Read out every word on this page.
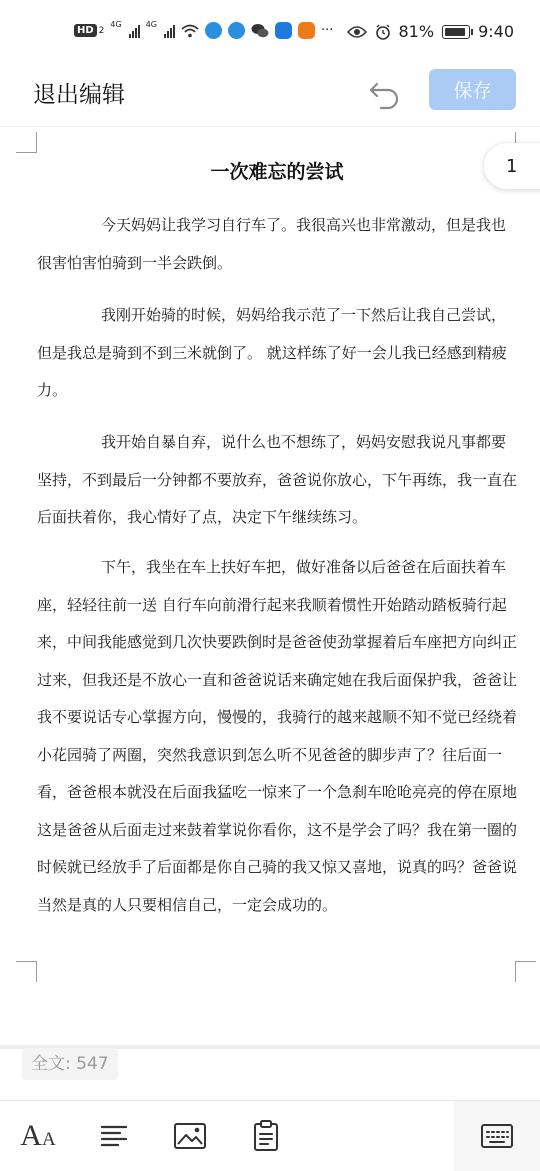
HD 2
4G	4G	···	81%	9:40
退出编辑	保存
1
一次难忘的尝试

今天妈妈让我学习自行车了。我很高兴也非常激动，但是我也很害怕害怕骑到一半会跌倒。

我刚开始骑的时候，妈妈给我示范了一下然后让我自己尝试，但是我总是骑到不到三米就倒了。 就这样练了好一会儿我已经感到精疲力。

我开始自暴自弃，说什么也不想练了，妈妈安慰我说凡事都要坚持，不到最后一分钟都不要放弃，爸爸说你放心，下午再练，我一直在后面扶着你，我心情好了点，决定下午继续练习。

下午，我坐在车上扶好车把，做好准备以后爸爸在后面扶着车座，轻轻往前一送 自行车向前滑行起来我顺着惯性开始踏动踏板骑行起来，中间我能感觉到几次快要跌倒时是爸爸使劲掌握着后车座把方向纠正过来，但我还是不放心一直和爸爸说话来确定她在我后面保护我，爸爸让我不要说话专心掌握方向，慢慢的，我骑行的越来越顺不知不觉已经绕着小花园骑了两圈，突然我意识到怎么听不见爸爸的脚步声了？往后面一看，爸爸根本就没在后面我猛吃一惊来了一个急刹车呛呛亮亮的停在原地这是爸爸从后面走过来鼓着掌说你看你，这不是学会了吗？我在第一圈的时候就已经放手了后面都是你自己骑的我又惊又喜地，说真的吗？爸爸说当然是真的人只要相信自己，一定会成功的。

全文: 547
A A
